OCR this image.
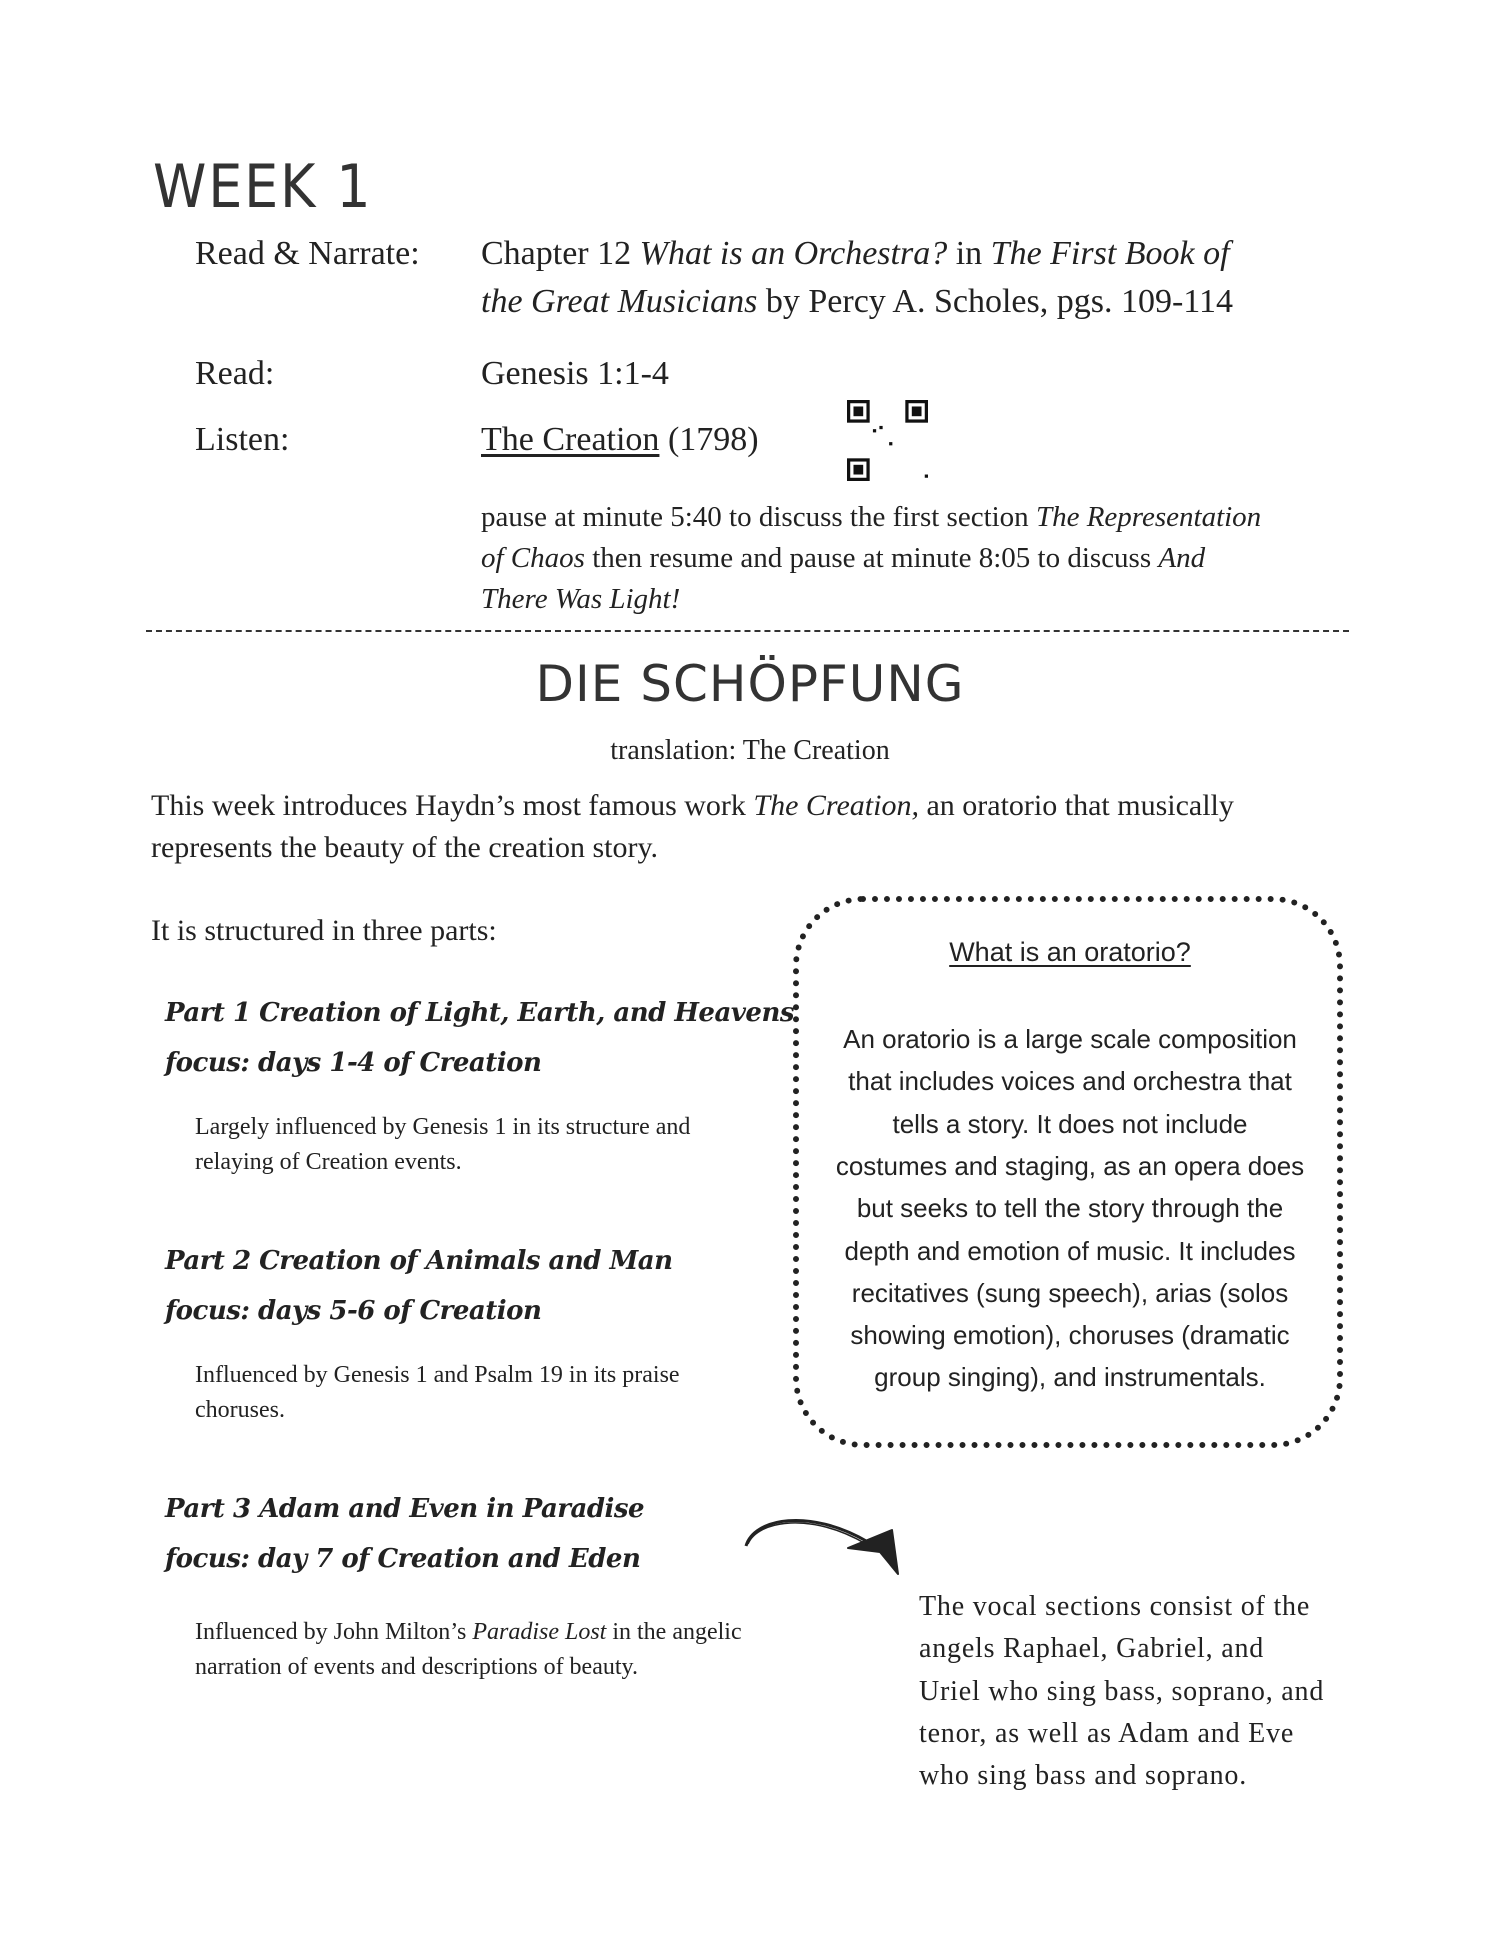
WEEK 1
Read & Narrate: Chapter 12 What is an Orchestra? in The First Book of
the Great Musicians by Percy A. Scholes, pgs. 109-114
Read:	Genesis 1:1-4
Listen:	The Creation (1798)
pause at minute 5:40 to discuss the first section The Representation
of Chaos then resume and pause at minute 8:05 to discuss And
There Was Light!
DIE SCHÖPFUNG
translation: The Creation
This week introduces Haydn’s most famous work The Creation, an oratorio that musically
represents the beauty of the creation story.
It is structured in three parts:
Part 1 Creation of Light, Earth, and Heavens
focus: days 1-4 of Creation
Largely influenced by Genesis 1 in its structure and
relaying of Creation events.
Part 2 Creation of Animals and Man
focus: days 5-6 of Creation
Influenced by Genesis 1 and Psalm 19 in its praise
choruses.
Part 3 Adam and Even in Paradise
focus: day 7 of Creation and Eden
Influenced by John Milton’s Paradise Lost in the angelic
narration of events and descriptions of beauty.
What is an oratorio?
An oratorio is a large scale composition
that includes voices and orchestra that
tells a story. It does not include
costumes and staging, as an opera does
but seeks to tell the story through the
depth and emotion of music. It includes
recitatives (sung speech), arias (solos
showing emotion), choruses (dramatic
group singing), and instrumentals.
The vocal sections consist of the
angels Raphael, Gabriel, and
Uriel who sing bass, soprano, and
tenor, as well as Adam and Eve
who sing bass and soprano.
